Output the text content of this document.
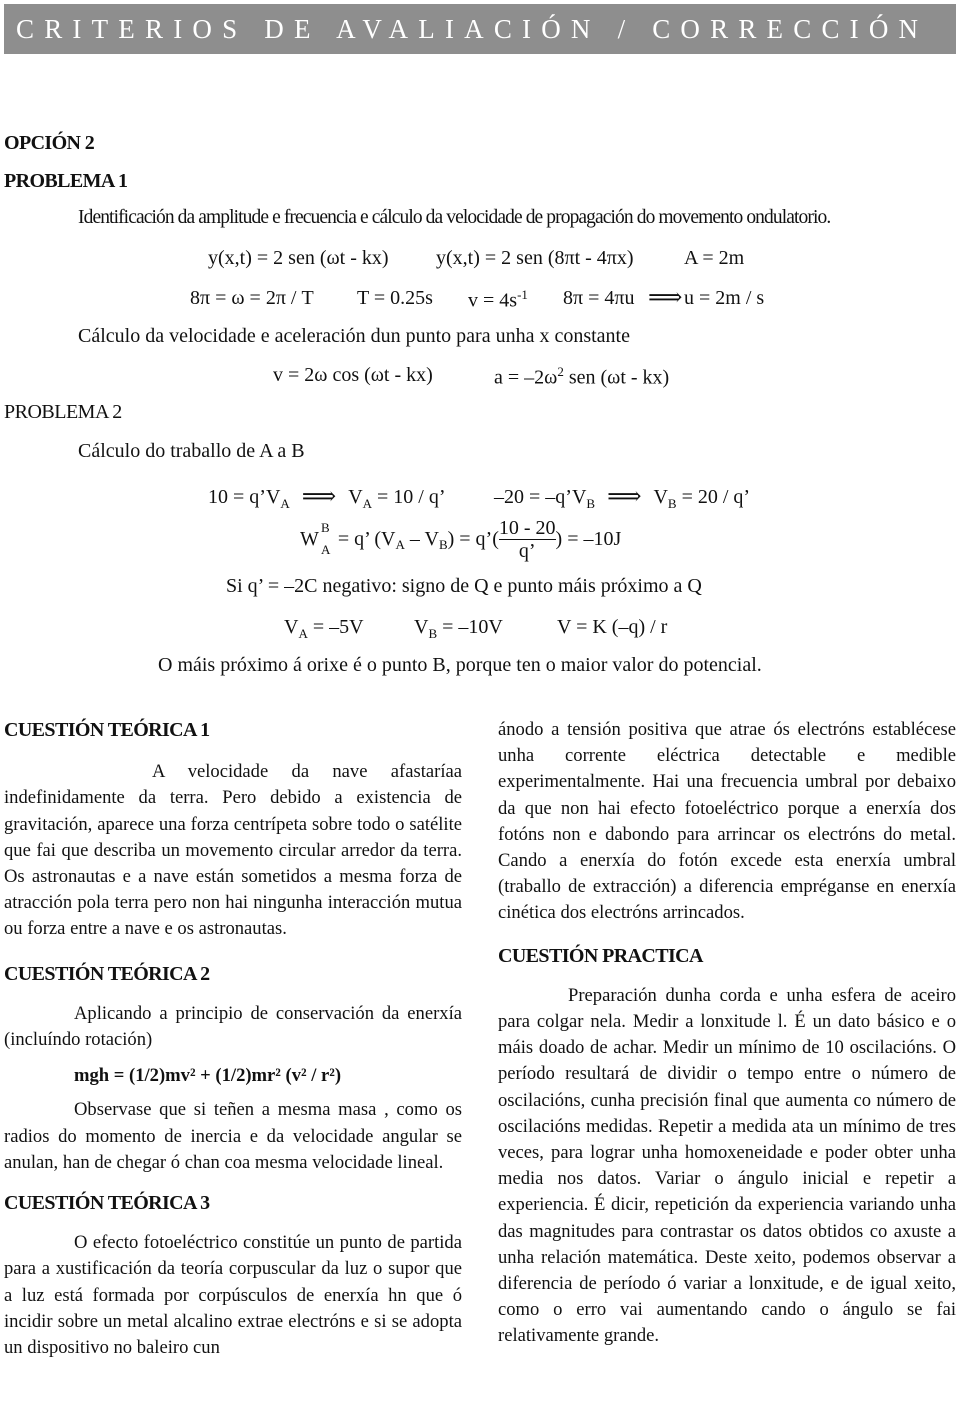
CRITERIOS DE AVALIACIÓN / CORRECCIÓN
OPCIÓN 2
PROBLEMA 1
Identificación da amplitude e frecuencia e cálculo da velocidade de propagación do movemento ondulatorio.
y(x,t) = 2 sen (ωt - kx) y(x,t) = 2 sen (8πt - 4πx)	A = 2m
8π = ω = 2π / T T = 0.25s $v = 4s^{-1}$ 8π = 4πu ⟹ u = 2m / s
Cálculo da velocidade e aceleración dun punto para unha x constante
v = 2ω cos (ωt - kx)	$a = -2\omega^2$ sen (ωt - kx)
PROBLEMA 2
Cálculo do traballo de A a B
$10 = q’V_A$ ⟹ $V_A = 10 / q$’ $-20 = -q’V_B$ ⟹ $V_B = 20 / q$’
W
B
A = q’ $(V_A - V_B)$ = q’( $\frac{10 - 20}{q’}$ ) = –10J
Si q’ = –2C negativo: signo de Q e punto máis próximo a Q
$V_A = -5V$	$V_B = -10V$	V = K (–q) / r
O máis próximo á orixe é o punto B, porque ten o maior valor do potencial.

CUESTIÓN TEÓRICA 1

A velocidade da nave afastaríaa indefinidamente da terra. Pero debido a existencia de gravitación, aparece una forza centrípeta sobre todo o satélite que fai que describa un movemento circular arredor da terra. Os astronautas e a nave están sometidos a mesma forza de atracción pola terra pero non hai ningunha interacción mutua ou forza entre a nave e os astronautas.

CUESTIÓN TEÓRICA 2

Aplicando a principio de conservación da enerxía (incluíndo rotación)

mgh = (1/2)mv² + (1/2)mr² (v² / r²)

Observase que si teñen a mesma masa , como os radios do momento de inercia e da velocidade angular se anulan, han de chegar ó chan coa mesma velocidade lineal.

CUESTIÓN TEÓRICA 3

O efecto fotoeléctrico constitúe un punto de partida para a xustificación da teoría corpuscular da luz o supor que a luz está formada por corpúsculos de enerxía hn que ó incidir sobre un metal alcalino extrae electróns e si se adopta un dispositivo no baleiro cun

ánodo a tensión positiva que atrae ós electróns establécese unha corrente eléctrica detectable e medible experimentalmente. Hai una frecuencia umbral por debaixo da que non hai efecto fotoeléctrico porque a enerxía dos fotóns non e dabondo para arrincar os electróns do metal. Cando a enerxía do fotón excede esta enerxía umbral (traballo de extracción) a diferencia empréganse en enerxía cinética dos electróns arrincados.

CUESTIÓN PRACTICA

Preparación dunha corda e unha esfera de aceiro para colgar nela. Medir a lonxitude l. É un dato básico e o máis doado de achar. Medir un mínimo de 10 oscilacións. O período resultará de dividir o tempo entre o número de oscilacións, cunha precisión final que aumenta co número de oscilacións medidas. Repetir a medida ata un mínimo de tres veces, para lograr unha homoxeneidade e poder obter unha media nos datos. Variar o ángulo inicial e repetir a experiencia. É dicir, repetición da experiencia variando unha das magnitudes para contrastar os datos obtidos co axuste a unha relación matemática. Deste xeito, podemos observar a diferencia de período ó variar a lonxitude, e de igual xeito, como o erro vai aumentando cando o ángulo se fai relativamente grande.
